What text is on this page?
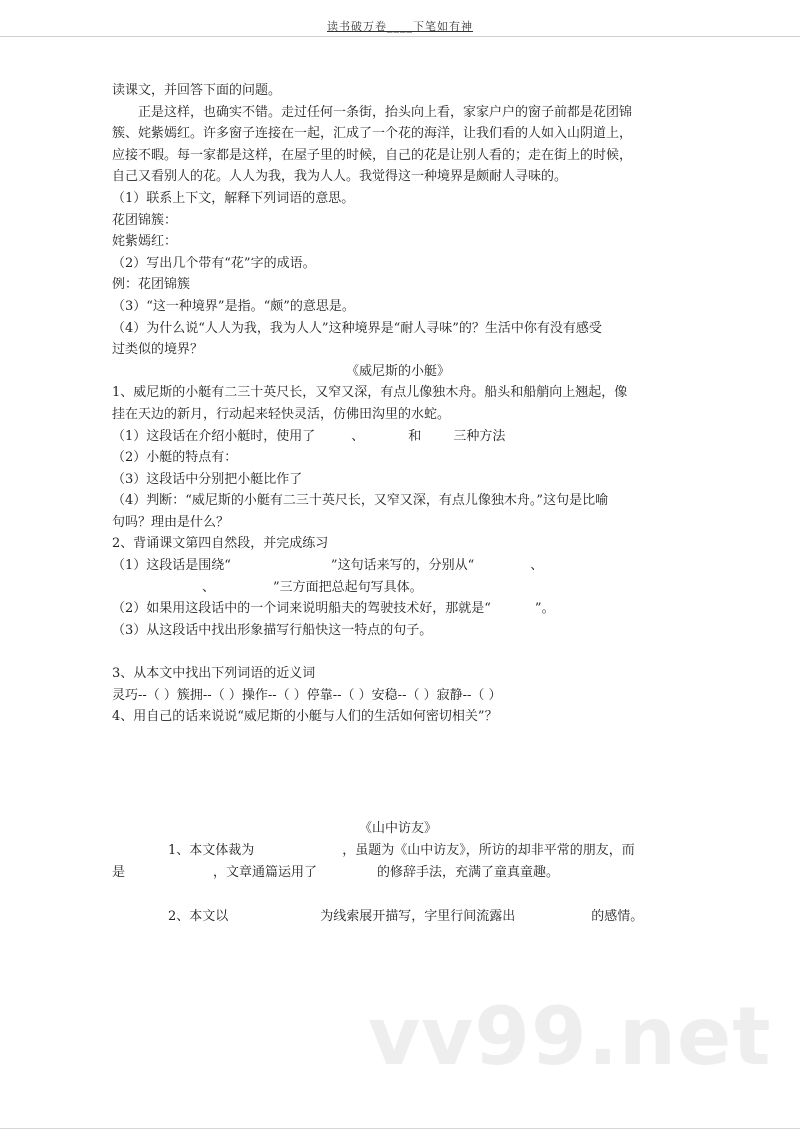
读书破万卷____下笔如有神

读课文，并回答下面的问题。

正是这样，也确实不错。走过任何一条街，抬头向上看，家家户户的窗子前都是花团锦

簇、姹紫嫣红。许多窗子连接在一起，汇成了一个花的海洋，让我们看的人如入山阴道上，

应接不暇。每一家都是这样，在屋子里的时候，自己的花是让别人看的；走在街上的时候，

自己又看别人的花。人人为我，我为人人。我觉得这一种境界是颇耐人寻味的。

（1）联系上下文，解释下列词语的意思。

花团锦簇：

姹紫嫣红：

（2）写出几个带有“花”字的成语。

例：花团锦簇

（3）“这一种境界”是指。“颇”的意思是。

（4）为什么说“人人为我，我为人人”这种境界是“耐人寻味”的？生活中你有没有感受

过类似的境界？

《威尼斯的小艇》

1、威尼斯的小艇有二三十英尺长，又窄又深，有点儿像独木舟。船头和船艄向上翘起，像

挂在天边的新月，行动起来轻快灵活，仿佛田沟里的水蛇。

（1）这段话在介绍小艇时，使用了	、	和 三种方法

（2）小艇的特点有：

（3）这段话中分别把小艇比作了

（4）判断：“威尼斯的小艇有二三十英尺长，又窄又深，有点儿像独木舟。”这句是比喻

句吗？理由是什么？

2、背诵课文第四自然段，并完成练习

（1）这段话是围绕“	”这句话来写的，分别从“	、

、	”三方面把总起句写具体。

（2）如果用这段话中的一个词来说明船夫的驾驶技术好，那就是“	”。

（3）从这段话中找出形象描写行船快这一特点的句子。

3、从本文中找出下列词语的近义词

灵巧--（ ）簇拥--（ ）操作--（ ）停靠--（ ）安稳--（ ）寂静--（ ）

4、用自己的话来说说“威尼斯的小艇与人们的生活如何密切相关”？

《山中访友》

1、本文体裁为	，虽题为《山中访友》，所访的却非平常的朋友，而

是	，文章通篇运用了	的修辞手法，充满了童真童趣。

2、本文以	为线索展开描写，字里行间流露出	的感情。

vv99.net
